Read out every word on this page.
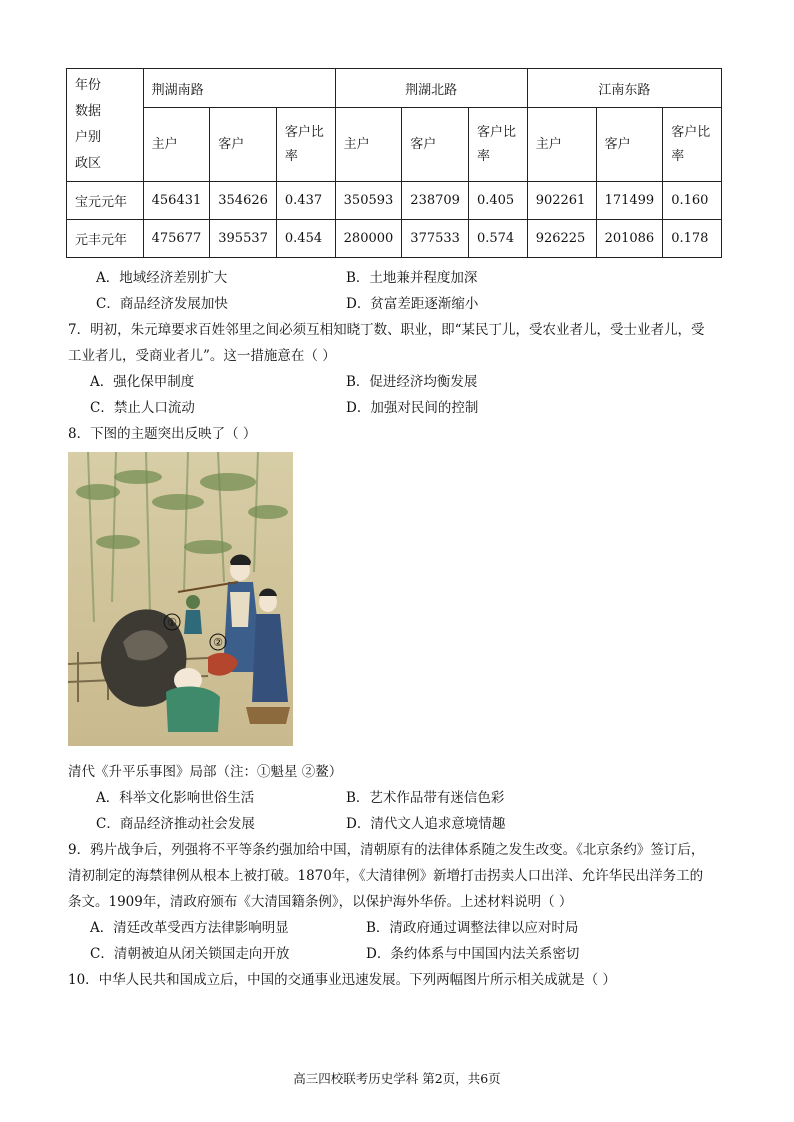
年份
数据
户别
政区	荆湖南路			荆湖北路			江南东路		
	主户	客户	客户比率	主户	客户	客户比率	主户	客户	客户比率
宝元元年	456431	354626	0.437	350593	238709	0.405	902261	171499	0.160
元丰元年	475677	395537	0.454	280000	377533	0.574	926225	201086	0.178
A．地域经济差别扩大	B．土地兼并程度加深
C．商品经济发展加快	D．贫富差距逐渐缩小
7．明初，朱元璋要求百姓邻里之间必须互相知晓丁数、职业，即“某民丁儿，受农业者儿，受士业者儿，受
工业者儿，受商业者儿”。这一措施意在（ ）
A．强化保甲制度	B．促进经济均衡发展
C．禁止人口流动	D．加强对民间的控制
8．下图的主题突出反映了（ ）
①
②
清代《升平乐事图》局部（注：①魁星 ②鳌）
A．科举文化影响世俗生活	B．艺术作品带有迷信色彩
C．商品经济推动社会发展	D．清代文人追求意境情趣
9．鸦片战争后，列强将不平等条约强加给中国，清朝原有的法律体系随之发生改变。《北京条约》签订后，
清初制定的海禁律例从根本上被打破。1870年，《大清律例》新增打击拐卖人口出洋、允许华民出洋务工的
条文。1909年，清政府颁布《大清国籍条例》，以保护海外华侨。上述材料说明（ ）
A．清廷改革受西方法律影响明显	B．清政府通过调整法律以应对时局
C．清朝被迫从闭关锁国走向开放	D．条约体系与中国国内法关系密切
10．中华人民共和国成立后，中国的交通事业迅速发展。下列两幅图片所示相关成就是（ ）
高三四校联考历史学科 第2页，共6页
